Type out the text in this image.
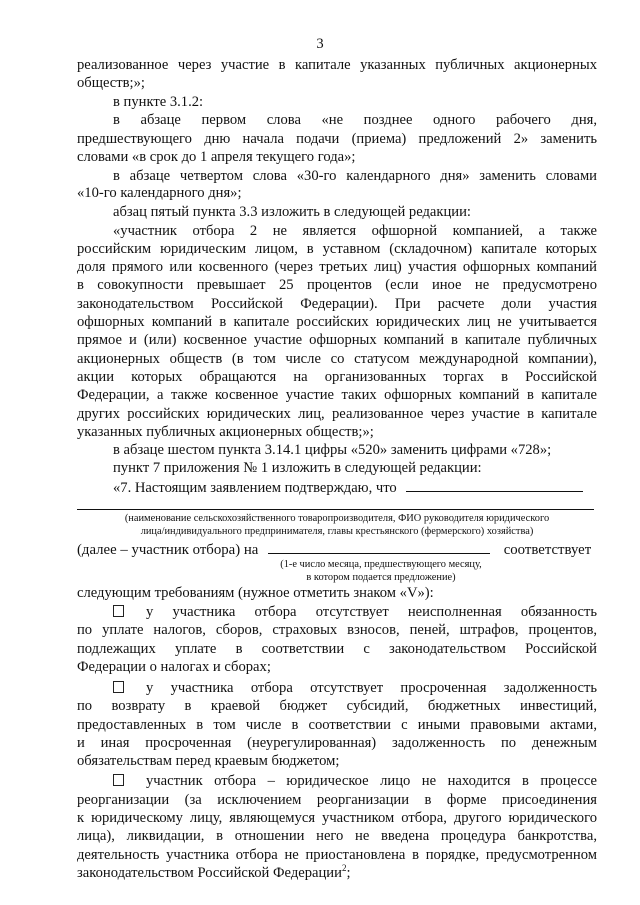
3
реализованное через участие в капитале указанных публичных акционерных
обществ;»;
в пункте 3.1.2:
в абзаце первом слова «не позднее одного рабочего дня,
предшествующего дню начала подачи (приема) предложений 2» заменить
словами «в срок до 1 апреля текущего года»;
в абзаце четвертом слова «30-го календарного дня» заменить словами
«10-го календарного дня»;
абзац пятый пункта 3.3 изложить в следующей редакции:
«участник отбора 2 не является офшорной компанией, а также
российским юридическим лицом, в уставном (складочном) капитале которых
доля прямого или косвенного (через третьих лиц) участия офшорных компаний
в совокупности превышает 25 процентов (если иное не предусмотрено
законодательством Российской Федерации). При расчете доли участия
офшорных компаний в капитале российских юридических лиц не учитывается
прямое и (или) косвенное участие офшорных компаний в капитале публичных
акционерных обществ (в том числе со статусом международной компании),
акции которых обращаются на организованных торгах в Российской
Федерации, а также косвенное участие таких офшорных компаний в капитале
других российских юридических лиц, реализованное через участие в капитале
указанных публичных акционерных обществ;»;
в абзаце шестом пункта 3.14.1 цифры «520» заменить цифрами «728»;
пункт 7 приложения № 1 изложить в следующей редакции:
«7. Настоящим заявлением подтверждаю, что
(наименование сельскохозяйственного товаропроизводителя, ФИО руководителя юридического
лица/индивидуального предпринимателя, главы крестьянского (фермерского) хозяйства)
(далее – участник отбора) на	соответствует
(1-е число месяца, предшествующего месяцу,
в котором подается предложение)
следующим требованиям (нужное отметить знаком «V»):
у участника отбора отсутствует неисполненная обязанность
по уплате налогов, сборов, страховых взносов, пеней, штрафов, процентов,
подлежащих уплате в соответствии с законодательством Российской
Федерации о налогах и сборах;
у участника отбора отсутствует просроченная задолженность
по возврату в краевой бюджет субсидий, бюджетных инвестиций,
предоставленных в том числе в соответствии с иными правовыми актами,
и иная просроченная (неурегулированная) задолженность по денежным
обязательствам перед краевым бюджетом;
участник отбора – юридическое лицо не находится в процессе
реорганизации (за исключением реорганизации в форме присоединения
к юридическому лицу, являющемуся участником отбора, другого юридического
лица), ликвидации, в отношении него не введена процедура банкротства,
деятельность участника отбора не приостановлена в порядке, предусмотренном
законодательством Российской Федерации$^2$;
